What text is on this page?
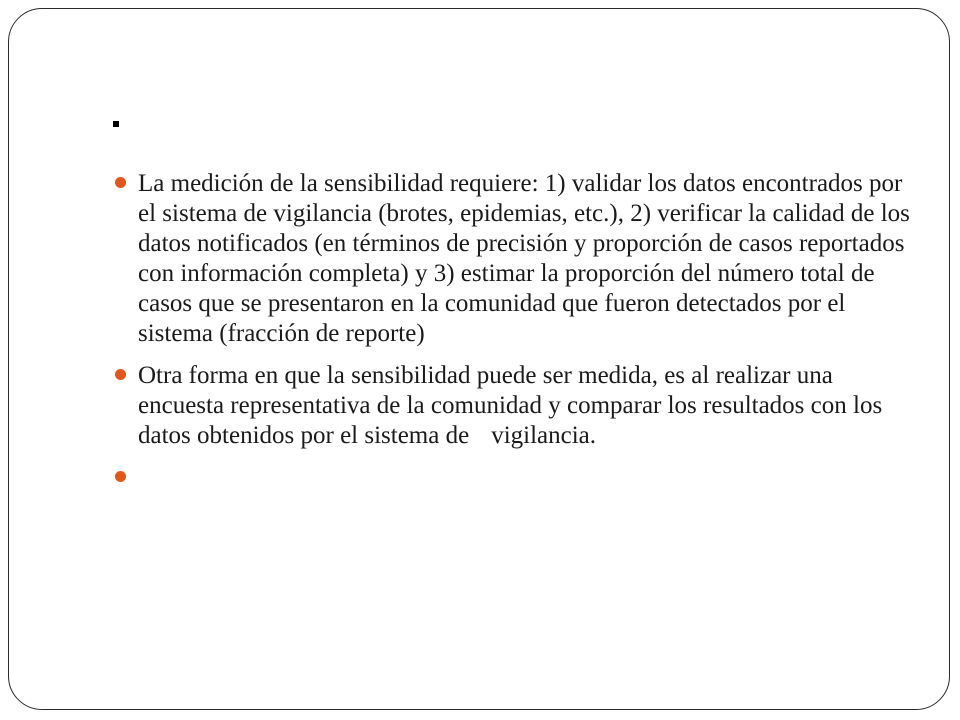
La medición de la sensibilidad requiere: 1) validar los datos encontrados por el sistema de vigilancia (brotes, epidemias, etc.), 2) verificar la calidad de los datos notificados (en términos de precisión y proporción de casos reportados con información completa) y 3) estimar la proporción del número total de casos que se presentaron en la comunidad que fueron detectados por el sistema (fracción de reporte)
Otra forma en que la sensibilidad puede ser medida, es al realizar una encuesta representativa de la comunidad y comparar los resultados con los datos obtenidos por el sistema de vigilancia.
